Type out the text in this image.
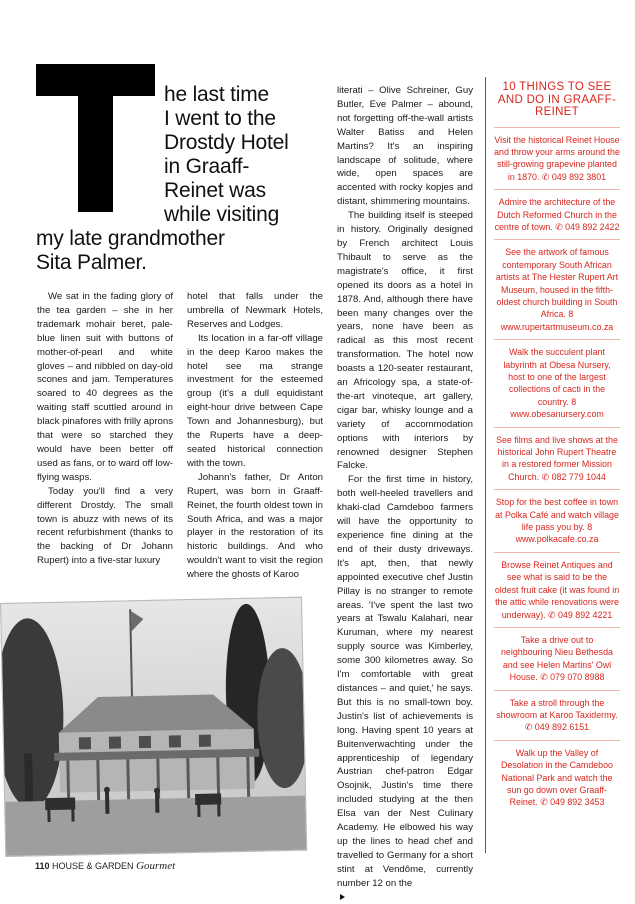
he last time
I went to the
Drostdy Hotel
in Graaff-
Reinet was
while visiting
my late grandmother
Sita Palmer.

We sat in the fading glory of the tea garden – she in her trademark mohair beret, pale-blue linen suit with buttons of mother-of-pearl and white gloves – and nibbled on day-old scones and jam. Temperatures soared to 40 degrees as the waiting staff scuttled around in black pinafores with frilly aprons that were so starched they would have been better off used as fans, or to ward off low-flying wasps.

Today you'll find a very different Drostdy. The small town is abuzz with news of its recent refurbishment (thanks to the backing of Dr Johann Rupert) into a five-star luxury

hotel that falls under the umbrella of Newmark Hotels, Reserves and Lodges.

Its location in a far-off village in the deep Karoo makes the hotel see ma strange investment for the esteemed group (it's a dull equidistant eight-hour drive between Cape Town and Johannesburg), but the Ruperts have a deep-seated historical connection with the town.

Johann's father, Dr Anton Rupert, was born in Graaff-Reinet, the fourth oldest town in South Africa, and was a major player in the restoration of its historic buildings. And who wouldn't want to visit the region where the ghosts of Karoo

literati – Olive Schreiner, Guy Butler, Eve Palmer – abound, not forgetting off-the-wall artists Walter Batiss and Helen Martins? It's an inspiring landscape of solitude, where wide, open spaces are accented with rocky kopjes and distant, shimmering mountains.

The building itself is steeped in history. Originally designed by French architect Louis Thibault to serve as the magistrate's office, it first opened its doors as a hotel in 1878. And, although there have been many changes over the years, none have been as radical as this most recent transformation. The hotel now boasts a 120-seater restaurant, an Africology spa, a state-of-the-art vinoteque, art gallery, cigar bar, whisky lounge and a variety of accommodation options with interiors by renowned designer Stephen Falcke.

For the first time in history, both well-heeled travellers and khaki-clad Camdeboo farmers will have the opportunity to experience fine dining at the end of their dusty driveways. It's apt, then, that newly appointed executive chef Justin Pillay is no stranger to remote areas. 'I've spent the last two years at Tswalu Kalahari, near Kuruman, where my nearest supply source was Kimberley, some 300 kilometres away. So I'm comfortable with great distances – and quiet,' he says. But this is no small-town boy. Justin's list of achievements is long. Having spent 10 years at Buitenverwachting under the apprenticeship of legendary Austrian chef-patron Edgar Osojnik, Justin's time there included studying at the then Elsa van der Nest Culinary Academy. He elbowed his way up the lines to head chef and travelled to Germany for a short stint at Vendôme, currently number 12 on the

10 THINGS TO SEE AND DO IN GRAAFF-REINET
Visit the historical Reinet House and throw your arms around the still-growing grapevine planted in 1870. ✆ 049 892 3801
Admire the architecture of the Dutch Reformed Church in the centre of town. ✆ 049 892 2422
See the artwork of famous contemporary South African artists at The Hester Rupert Art Museum, housed in the fifth-oldest church building in South Africa. 8 www.rupertartmuseum.co.za
Walk the succulent plant labyrinth at Obesa Nursery, host to one of the largest collections of cacti in the country. 8 www.obesanursery.com
See films and live shows at the historical John Rupert Theatre in a restored former Mission Church. ✆ 082 779 1044
Stop for the best coffee in town at Polka Café and watch village life pass you by. 8 www.polkacafe.co.za
Browse Reinet Antiques and see what is said to be the oldest fruit cake (it was found in the attic while renovations were underway). ✆ 049 892 4221
Take a drive out to neighbouring Nieu Bethesda and see Helen Martins' Owl House. ✆ 079 070 8988
Take a stroll through the showroom at Karoo Taxidermy. ✆ 049 892 6151
Walk up the Valley of Desolation in the Camdeboo National Park and watch the sun go down over Graaff-Reinet. ✆ 049 892 3453
110 HOUSE & GARDEN Gourmet
